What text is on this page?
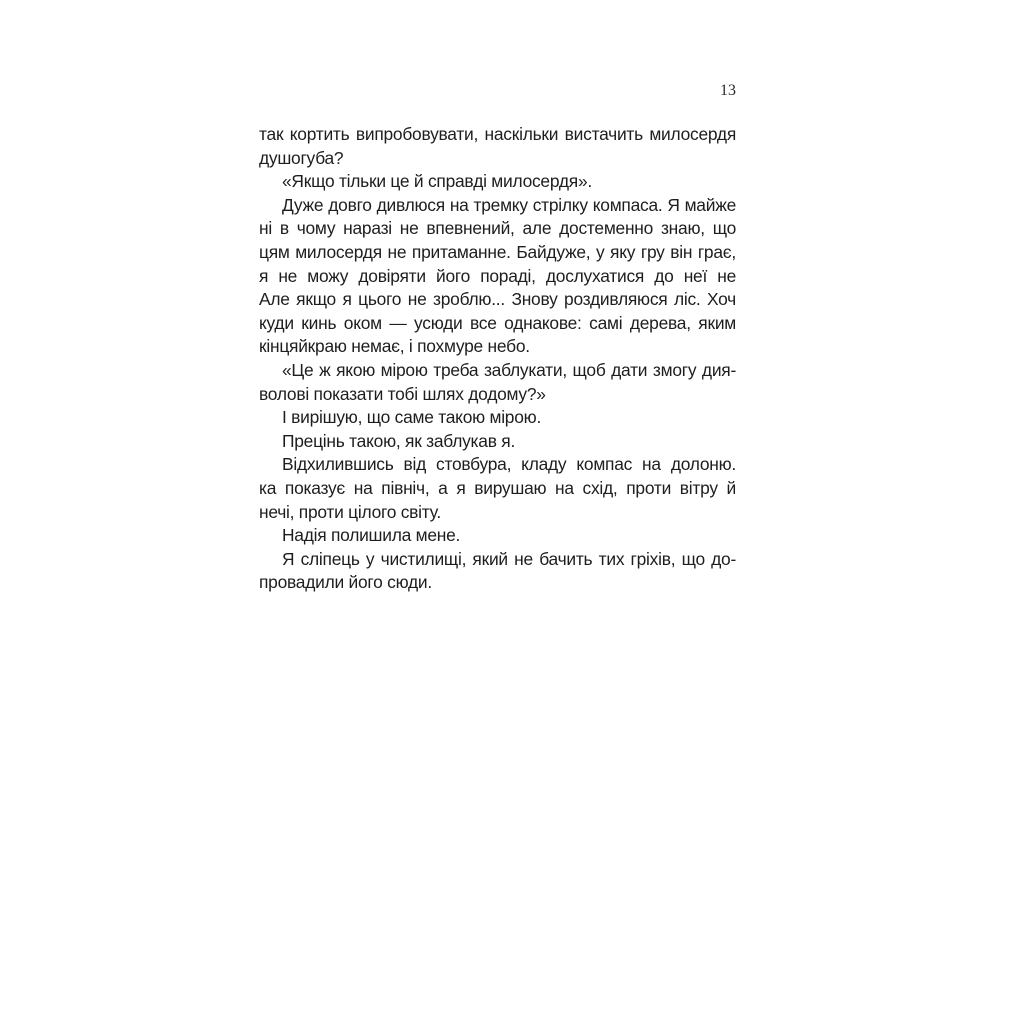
13
так кортить випробовувати, наскільки вистачить милосердя
душогуба?
«Якщо тільки це й справді милосердя».
Дуже довго дивлюся на тремку стрілку компаса. Я майже
ні в чому наразі не впевнений, але достеменно знаю, що
цям милосердя не притаманне. Байдуже, у яку гру він грає,
я не можу довіряти його пораді, дослухатися до неї не
Але якщо я цього не зроблю... Знову роздивляюся ліс. Хоч
куди кинь оком — усюди все однакове: самі дерева, яким
кінцяйкраю немає, і похмуре небо.
«Це ж якою мірою треба заблукати, щоб дати змогу дия-
волові показати тобі шлях додому?»
І вирішую, що саме такою мірою.
Прецінь такою, як заблукав я.
Відхилившись від стовбура, кладу компас на долоню.
ка показує на північ, а я вирушаю на схід, проти вітру й
нечі, проти цілого світу.
Надія полишила мене.
Я сліпець у чистилищі, який не бачить тих гріхів, що до-
провадили його сюди.
